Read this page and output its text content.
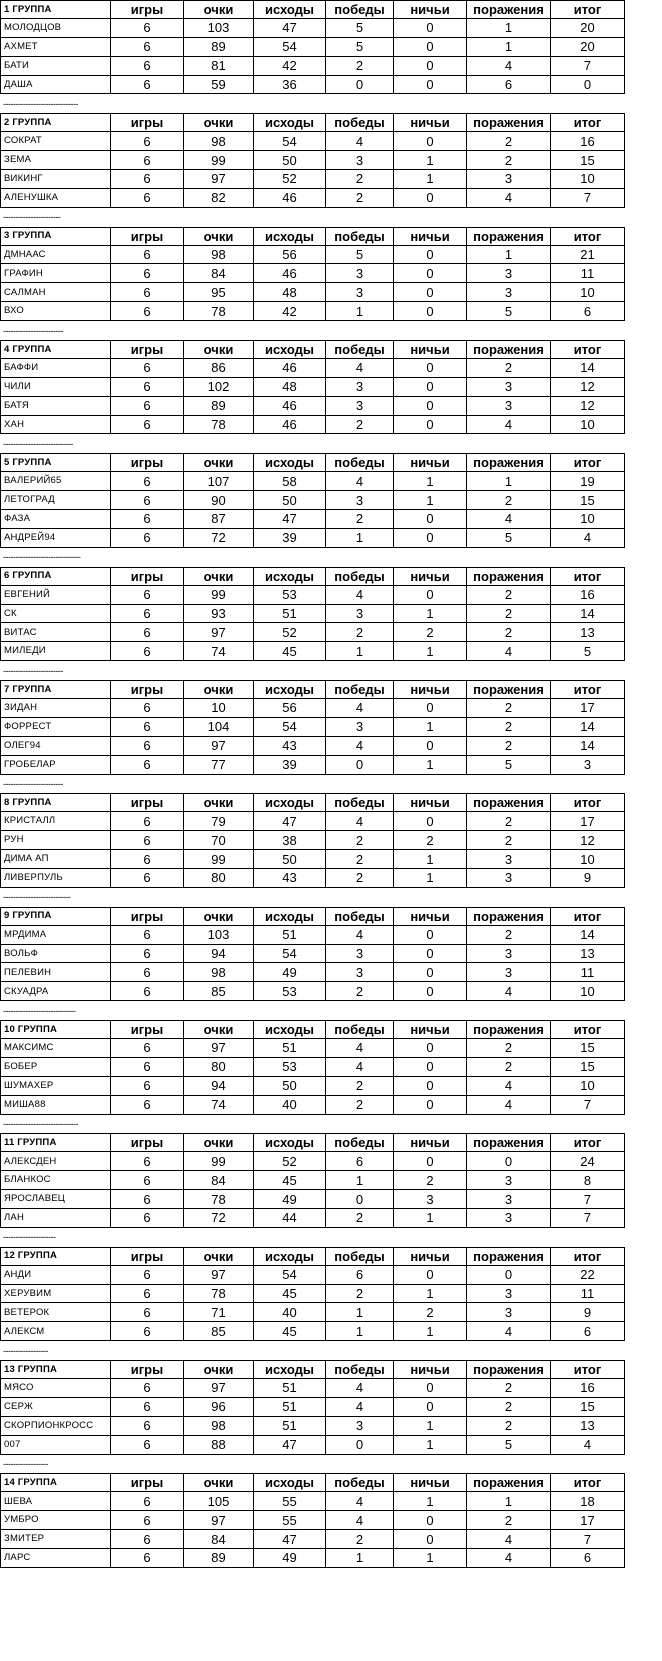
1 ГРУППА	игры	очки	исходы	победы	ничьи	поражения	итог
МОЛОДЦОВ	6	103	47	5	0	1	20
АХМЕТ	6	89	54	5	0	1	20
БАТИ	6	81	42	2	0	4	7
ДАША	6	59	36	0	0	6	0
------------------------------
2 ГРУППА	игры	очки	исходы	победы	ничьи	поражения	итог
СОКРАТ	6	98	54	4	0	2	16
ЗЕМА	6	99	50	3	1	2	15
ВИКИНГ	6	97	52	2	1	3	10
АЛЕНУШКА	6	82	46	2	0	4	7
-----------------------
3 ГРУППА	игры	очки	исходы	победы	ничьи	поражения	итог
ДМНААС	6	98	56	5	0	1	21
ГРАФИН	6	84	46	3	0	3	11
САЛМАН	6	95	48	3	0	3	10
ВХО	6	78	42	1	0	5	6
------------------------
4 ГРУППА	игры	очки	исходы	победы	ничьи	поражения	итог
БАФФИ	6	86	46	4	0	2	14
ЧИЛИ	6	102	48	3	0	3	12
БАТЯ	6	89	46	3	0	3	12
ХАН	6	78	46	2	0	4	10
----------------------------
5 ГРУППА	игры	очки	исходы	победы	ничьи	поражения	итог
ВАЛЕРИЙ65	6	107	58	4	1	1	19
ЛЕТОГРАД	6	90	50	3	1	2	15
ФАЗА	6	87	47	2	0	4	10
АНДРЕЙ94	6	72	39	1	0	5	4
-------------------------------
6 ГРУППА	игры	очки	исходы	победы	ничьи	поражения	итог
ЕВГЕНИЙ	6	99	53	4	0	2	16
СК	6	93	51	3	1	2	14
ВИТАС	6	97	52	2	2	2	13
МИЛЕДИ	6	74	45	1	1	4	5
------------------------
7 ГРУППА	игры	очки	исходы	победы	ничьи	поражения	итог
ЗИДАН	6	10	56	4	0	2	17
ФОРРЕСТ	6	104	54	3	1	2	14
ОЛЕГ94	6	97	43	4	0	2	14
ГРОБЕЛАР	6	77	39	0	1	5	3
------------------------
8 ГРУППА	игры	очки	исходы	победы	ничьи	поражения	итог
КРИСТАЛЛ	6	79	47	4	0	2	17
РУН	6	70	38	2	2	2	12
ДИМА АП	6	99	50	2	1	3	10
ЛИВЕРПУЛЬ	6	80	43	2	1	3	9
---------------------------
9 ГРУППА	игры	очки	исходы	победы	ничьи	поражения	итог
МРДИМА	6	103	51	4	0	2	14
ВОЛЬФ	6	94	54	3	0	3	13
ПЕЛЕВИН	6	98	49	3	0	3	11
СКУАДРА	6	85	53	2	0	4	10
-----------------------------
10 ГРУППА	игры	очки	исходы	победы	ничьи	поражения	итог
МАКСИМС	6	97	51	4	0	2	15
БОБЕР	6	80	53	4	0	2	15
ШУМАХЕР	6	94	50	2	0	4	10
МИША88	6	74	40	2	0	4	7
------------------------------
11 ГРУППА	игры	очки	исходы	победы	ничьи	поражения	итог
АЛЕКСДЕН	6	99	52	6	0	0	24
БЛАНКОС	6	84	45	1	2	3	8
ЯРОСЛАВЕЦ	6	78	49	0	3	3	7
ЛАН	6	72	44	2	1	3	7
---------------------
12 ГРУППА	игры	очки	исходы	победы	ничьи	поражения	итог
АНДИ	6	97	54	6	0	0	22
ХЕРУВИМ	6	78	45	2	1	3	11
ВЕТЕРОК	6	71	40	1	2	3	9
АЛЕКСМ	6	85	45	1	1	4	6
------------------
13 ГРУППА	игры	очки	исходы	победы	ничьи	поражения	итог
МЯСО	6	97	51	4	0	2	16
СЕРЖ	6	96	51	4	0	2	15
СКОРПИОНКРОСС	6	98	51	3	1	2	13
007	6	88	47	0	1	5	4
------------------
14 ГРУППА	игры	очки	исходы	победы	ничьи	поражения	итог
ШЕВА	6	105	55	4	1	1	18
УМБРО	6	97	55	4	0	2	17
ЗМИТЕР	6	84	47	2	0	4	7
ЛАРС	6	89	49	1	1	4	6
